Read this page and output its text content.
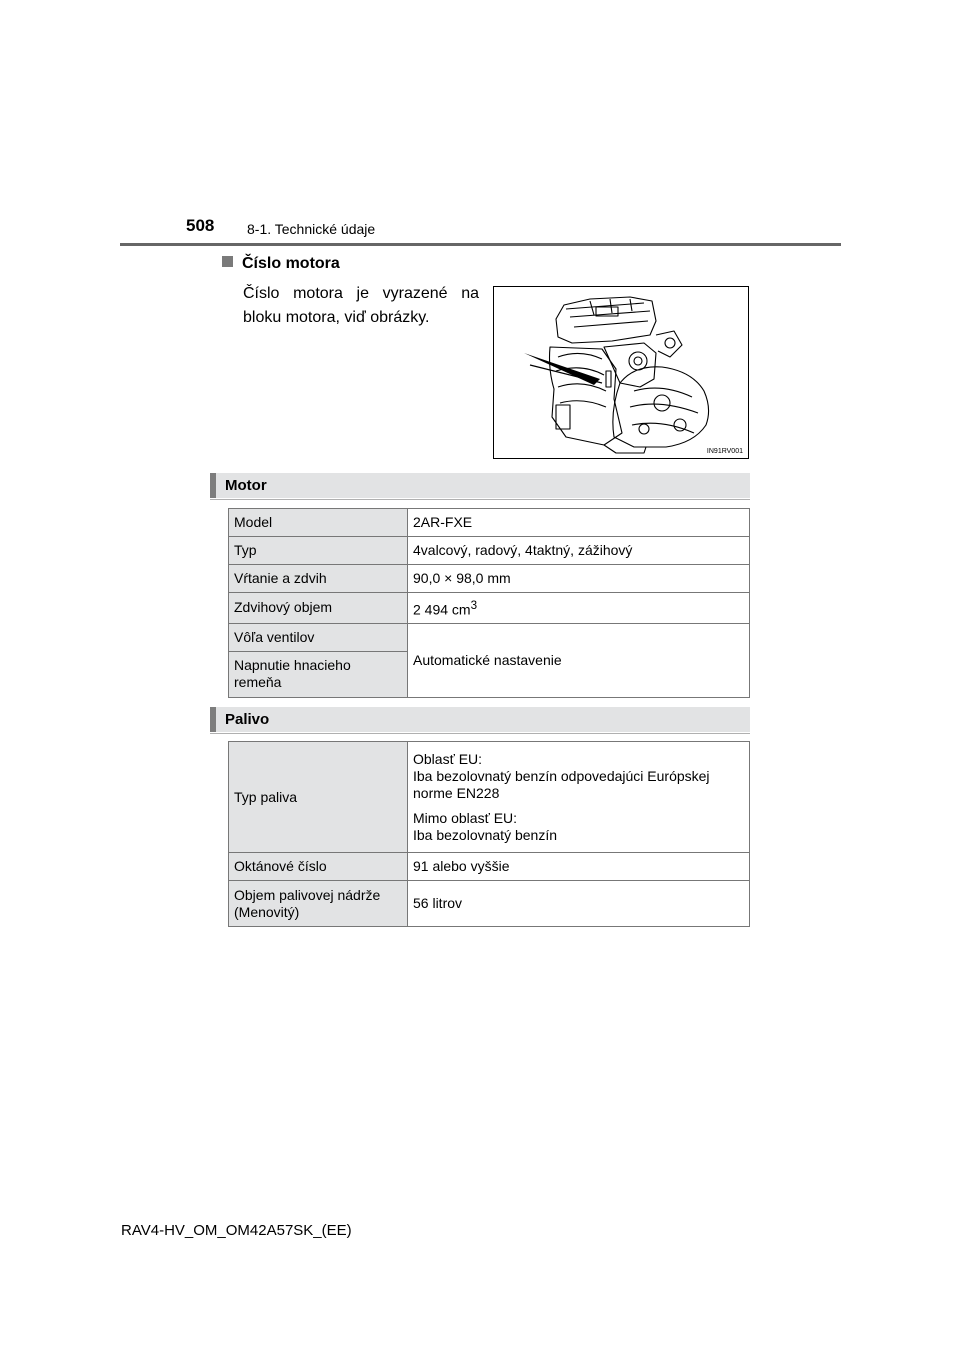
508 8-1. Technické údaje
Číslo motora
Číslo motora je vyrazené na bloku motora, viď obrázky.
IN91RV001
Motor
Model	2AR-FXE
Typ	4valcový, radový, 4taktný, zážihový
Vŕtanie a zdvih	90,0 × 98,0 mm
Zdvihový objem	2 494 $cm^3$
Vôľa ventilov	Automatické nastavenie
Napnutie hnacieho remeňa	
Palivo
Typ paliva	Oblasť EU:
Iba bezolovnatý benzín odpovedajúci Európskej norme EN228

Mimo oblasť EU:
Iba bezolovnatý benzín

Oktánové číslo	91 alebo vyššie
Objem palivovej nádrže (Menovitý)	56 litrov
RAV4-HV_OM_OM42A57SK_(EE)
